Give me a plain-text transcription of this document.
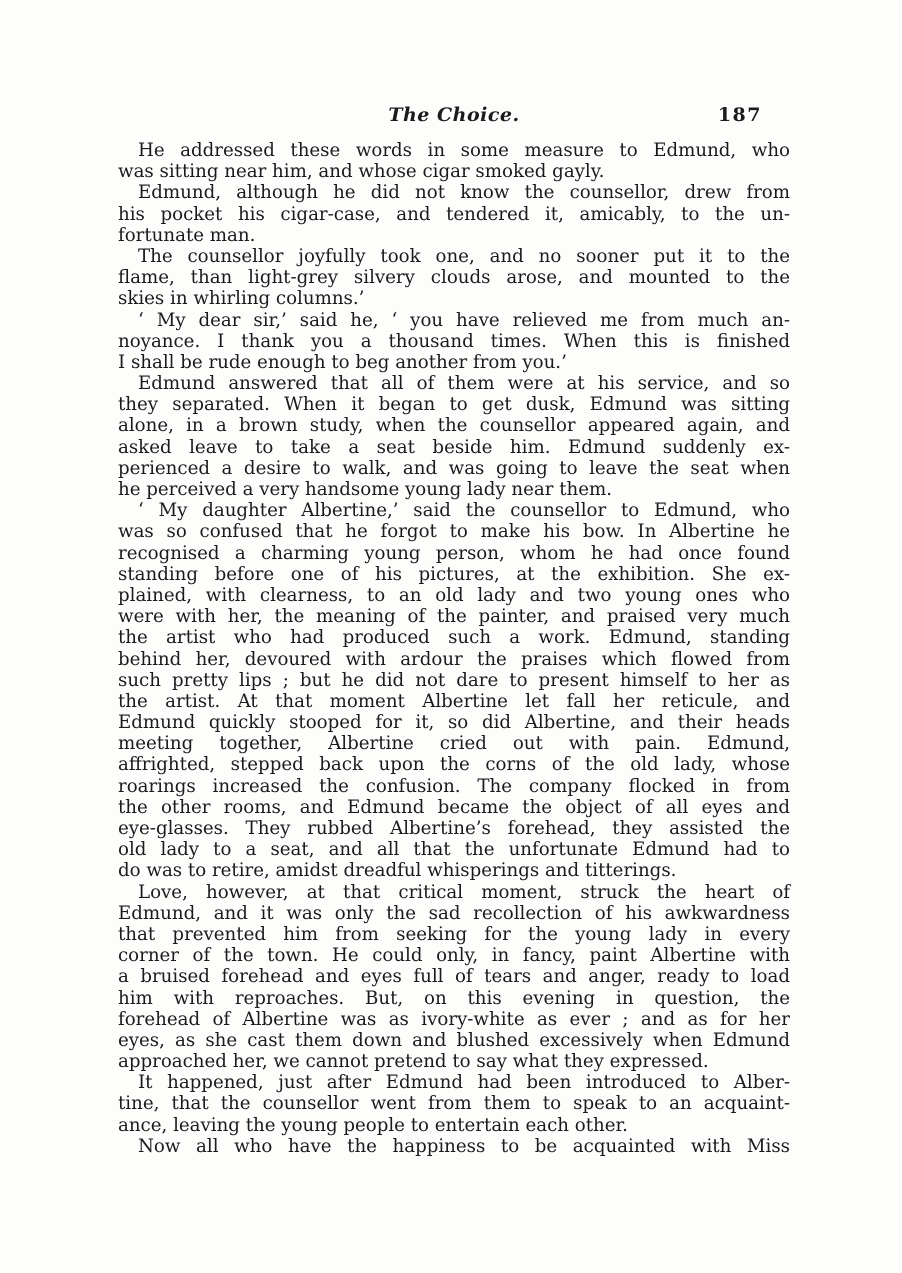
The Choice.	187
He addressed these words in some measure to Edmund, who
was sitting near him, and whose cigar smoked gayly.
Edmund, although he did not know the counsellor, drew from
his pocket his cigar-case, and tendered it, amicably, to the un-
fortunate man.
The counsellor joyfully took one, and no sooner put it to the
flame, than light-grey silvery clouds arose, and mounted to the
skies in whirling columns.’
‘ My dear sir,’ said he, ‘ you have relieved me from much an-
noyance. I thank you a thousand times. When this is finished
I shall be rude enough to beg another from you.’
Edmund answered that all of them were at his service, and so
they separated. When it began to get dusk, Edmund was sitting
alone, in a brown study, when the counsellor appeared again, and
asked leave to take a seat beside him. Edmund suddenly ex-
perienced a desire to walk, and was going to leave the seat when
he perceived a very handsome young lady near them.
‘ My daughter Albertine,’ said the counsellor to Edmund, who
was so confused that he forgot to make his bow. In Albertine he
recognised a charming young person, whom he had once found
standing before one of his pictures, at the exhibition. She ex-
plained, with clearness, to an old lady and two young ones who
were with her, the meaning of the painter, and praised very much
the artist who had produced such a work. Edmund, standing
behind her, devoured with ardour the praises which flowed from
such pretty lips ; but he did not dare to present himself to her as
the artist. At that moment Albertine let fall her reticule, and
Edmund quickly stooped for it, so did Albertine, and their heads
meeting together, Albertine cried out with pain. Edmund,
affrighted, stepped back upon the corns of the old lady, whose
roarings increased the confusion. The company flocked in from
the other rooms, and Edmund became the object of all eyes and
eye-glasses. They rubbed Albertine’s forehead, they assisted the
old lady to a seat, and all that the unfortunate Edmund had to
do was to retire, amidst dreadful whisperings and titterings.
Love, however, at that critical moment, struck the heart of
Edmund, and it was only the sad recollection of his awkwardness
that prevented him from seeking for the young lady in every
corner of the town. He could only, in fancy, paint Albertine with
a bruised forehead and eyes full of tears and anger, ready to load
him with reproaches. But, on this evening in question, the
forehead of Albertine was as ivory-white as ever ; and as for her
eyes, as she cast them down and blushed excessively when Edmund
approached her, we cannot pretend to say what they expressed.
It happened, just after Edmund had been introduced to Alber-
tine, that the counsellor went from them to speak to an acquaint-
ance, leaving the young people to entertain each other.
Now all who have the happiness to be acquainted with Miss
